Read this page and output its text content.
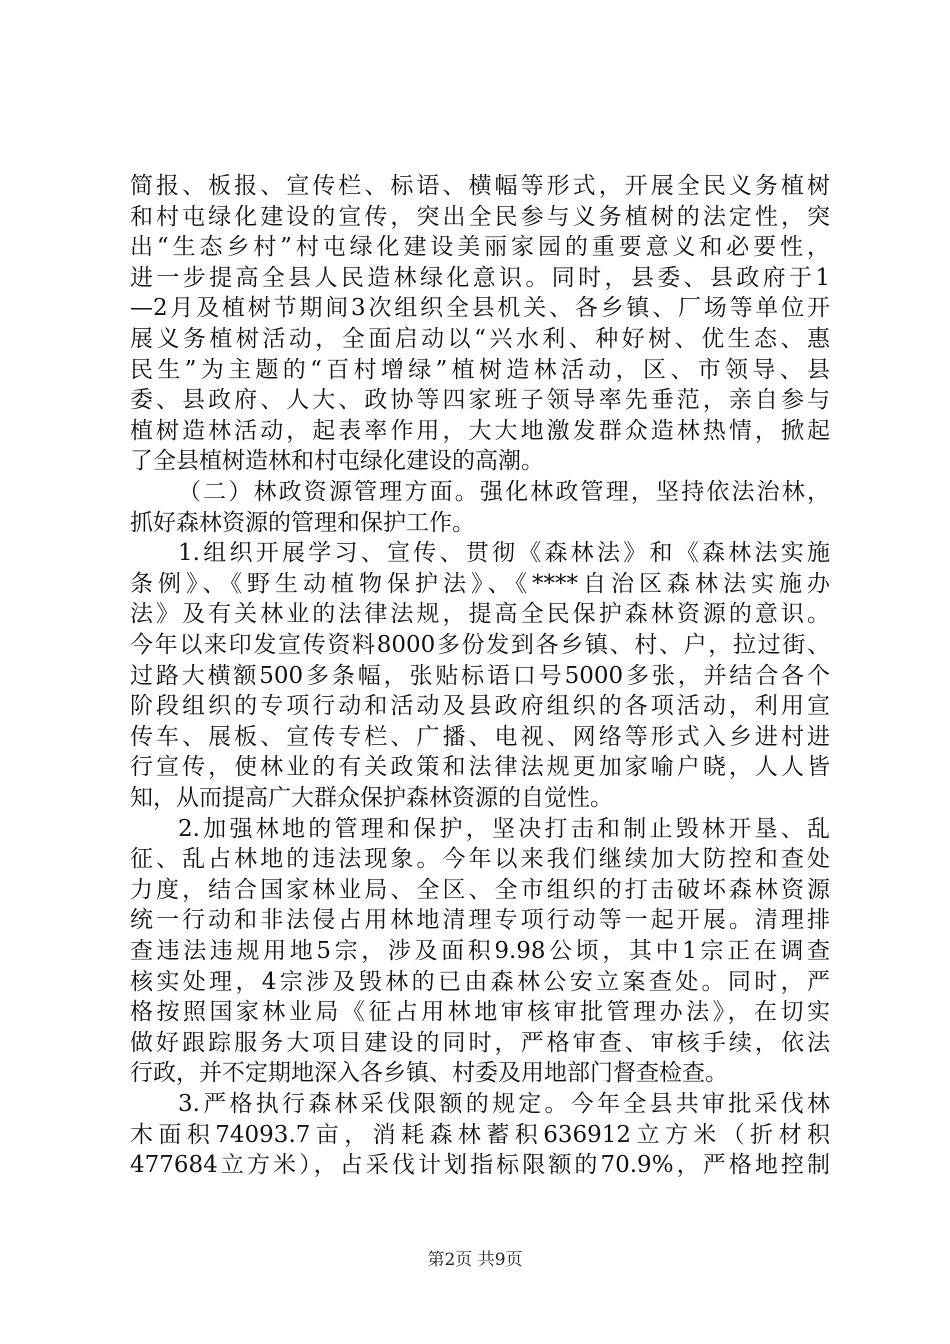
简报、板报、宣传栏、标语、横幅等形式，开展全民义务植树
和村屯绿化建设的宣传，突出全民参与义务植树的法定性，突
出“生态乡村”村屯绿化建设美丽家园的重要意义和必要性，
进一步提高全县人民造林绿化意识。同时，县委、县政府于1
—2月及植树节期间3次组织全县机关、各乡镇、厂场等单位开
展义务植树活动，全面启动以“兴水利、种好树、优生态、惠
民生”为主题的“百村增绿”植树造林活动，区、市领导、县
委、县政府、人大、政协等四家班子领导率先垂范，亲自参与
植树造林活动，起表率作用，大大地激发群众造林热情，掀起
了全县植树造林和村屯绿化建设的高潮。
（二）林政资源管理方面。强化林政管理，坚持依法治林，
抓好森林资源的管理和保护工作。
1.组织开展学习、宣传、贯彻《森林法》和《森林法实施
条例》、《野生动植物保护法》、《****自治区森林法实施办
法》及有关林业的法律法规，提高全民保护森林资源的意识。
今年以来印发宣传资料8000多份发到各乡镇、村、户，拉过街、
过路大横额500多条幅，张贴标语口号5000多张，并结合各个
阶段组织的专项行动和活动及县政府组织的各项活动，利用宣
传车、展板、宣传专栏、广播、电视、网络等形式入乡进村进
行宣传，使林业的有关政策和法律法规更加家喻户晓，人人皆
知，从而提高广大群众保护森林资源的自觉性。
2.加强林地的管理和保护，坚决打击和制止毁林开垦、乱
征、乱占林地的违法现象。今年以来我们继续加大防控和查处
力度，结合国家林业局、全区、全市组织的打击破坏森林资源
统一行动和非法侵占用林地清理专项行动等一起开展。清理排
查违法违规用地5宗，涉及面积9.98公顷，其中1宗正在调查
核实处理，4宗涉及毁林的已由森林公安立案查处。同时，严
格按照国家林业局《征占用林地审核审批管理办法》，在切实
做好跟踪服务大项目建设的同时，严格审查、审核手续，依法
行政，并不定期地深入各乡镇、村委及用地部门督查检查。
3.严格执行森林采伐限额的规定。今年全县共审批采伐林
木面积74093.7亩，消耗森林蓄积636912立方米（折材积
477684立方米），占采伐计划指标限额的70.9%，严格地控制
第2页 共9页
